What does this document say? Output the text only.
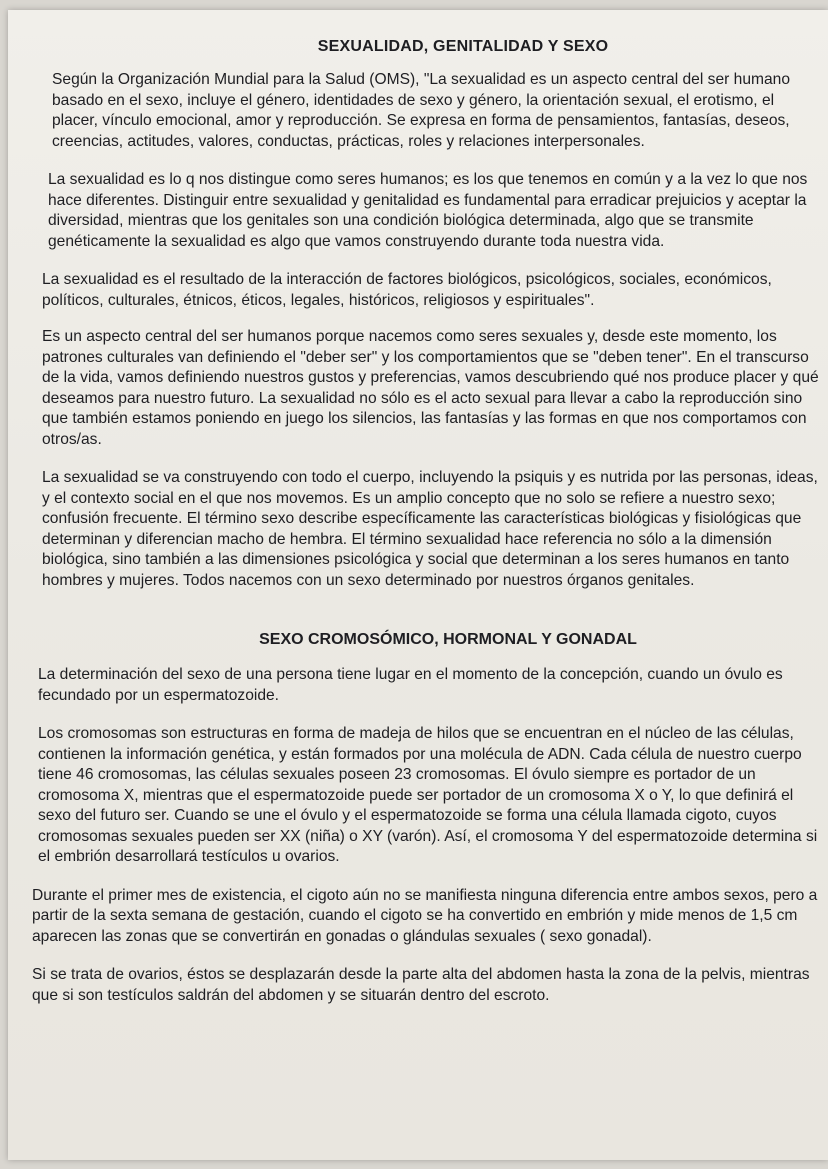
SEXUALIDAD, GENITALIDAD Y SEXO

Según la Organización Mundial para la Salud (OMS), "La sexualidad es un aspecto central del ser humano basado en el sexo, incluye el género, identidades de sexo y género, la orientación sexual, el erotismo, el placer, vínculo emocional, amor y reproducción. Se expresa en forma de pensamientos, fantasías, deseos, creencias, actitudes, valores, conductas, prácticas, roles y relaciones interpersonales.

La sexualidad es lo q nos distingue como seres humanos; es los que tenemos en común y a la vez lo que nos hace diferentes. Distinguir entre sexualidad y genitalidad es fundamental para erradicar prejuicios y aceptar la diversidad, mientras que los genitales son una condición biológica determinada, algo que se transmite genéticamente la sexualidad es algo que vamos construyendo durante toda nuestra vida.

La sexualidad es el resultado de la interacción de factores biológicos, psicológicos, sociales, económicos, políticos, culturales, étnicos, éticos, legales, históricos, religiosos y espirituales".

Es un aspecto central del ser humanos porque nacemos como seres sexuales y, desde este momento, los patrones culturales van definiendo el "deber ser" y los comportamientos que se "deben tener". En el transcurso de la vida, vamos definiendo nuestros gustos y preferencias, vamos descubriendo qué nos produce placer y qué deseamos para nuestro futuro. La sexualidad no sólo es el acto sexual para llevar a cabo la reproducción sino que también estamos poniendo en juego los silencios, las fantasías y las formas en que nos comportamos con otros/as.

La sexualidad se va construyendo con todo el cuerpo, incluyendo la psiquis y es nutrida por las personas, ideas, y el contexto social en el que nos movemos. Es un amplio concepto que no solo se refiere a nuestro sexo; confusión frecuente. El término sexo describe específicamente las características biológicas y fisiológicas que determinan y diferencian macho de hembra. El término sexualidad hace referencia no sólo a la dimensión biológica, sino también a las dimensiones psicológica y social que determinan a los seres humanos en tanto hombres y mujeres. Todos nacemos con un sexo determinado por nuestros órganos genitales.

SEXO CROMOSÓMICO, HORMONAL Y GONADAL

La determinación del sexo de una persona tiene lugar en el momento de la concepción, cuando un óvulo es fecundado por un espermatozoide.

Los cromosomas son estructuras en forma de madeja de hilos que se encuentran en el núcleo de las células, contienen la información genética, y están formados por una molécula de ADN. Cada célula de nuestro cuerpo tiene 46 cromosomas, las células sexuales poseen 23 cromosomas. El óvulo siempre es portador de un cromosoma X, mientras que el espermatozoide puede ser portador de un cromosoma X o Y, lo que definirá el sexo del futuro ser. Cuando se une el óvulo y el espermatozoide se forma una célula llamada cigoto, cuyos cromosomas sexuales pueden ser XX (niña) o XY (varón). Así, el cromosoma Y del espermatozoide determina si el embrión desarrollará testículos u ovarios.

Durante el primer mes de existencia, el cigoto aún no se manifiesta ninguna diferencia entre ambos sexos, pero a partir de la sexta semana de gestación, cuando el cigoto se ha convertido en embrión y mide menos de 1,5 cm aparecen las zonas que se convertirán en gonadas o glándulas sexuales ( sexo gonadal).

Si se trata de ovarios, éstos se desplazarán desde la parte alta del abdomen hasta la zona de la pelvis, mientras que si son testículos saldrán del abdomen y se situarán dentro del escroto.
